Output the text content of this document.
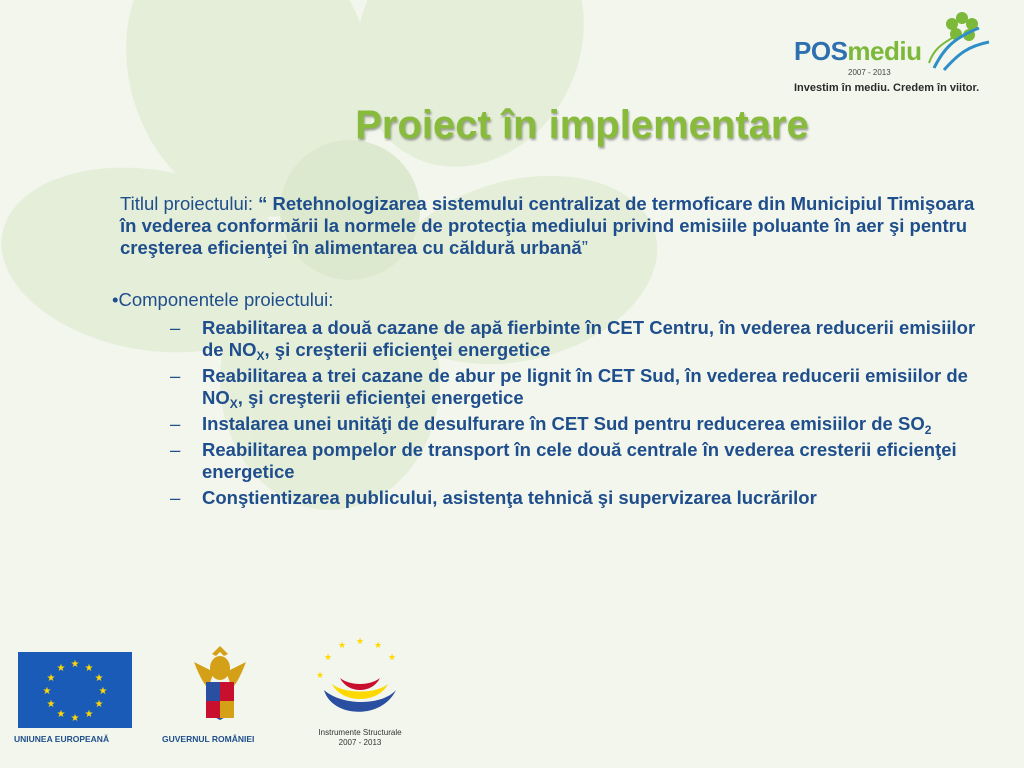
POSmediu
2007 - 2013
Investim în mediu. Credem în viitor.
Proiect în implementare

Titlul proiectului: “ Retehnologizarea sistemului centralizat de termoficare din Municipiul Timişoara în vederea conformării la normele de protecţia mediului privind emisiile poluante în aer şi pentru creşterea eficienţei în alimentarea cu căldură urbană”

•Componentele proiectului:
– Reabilitarea a două cazane de apă fierbinte în CET Centru, în vederea reducerii emisiilor de $NO_X$, şi creşterii eficienţei energetice
– Reabilitarea a trei cazane de abur pe lignit în CET Sud, în vederea reducerii emisiilor de $NO_X$, şi creşterii eficienţei energetice
– Instalarea unei unităţi de desulfurare în CET Sud pentru reducerea emisiilor de $SO_2$
– Reabilitarea pompelor de transport în cele două centrale în vederea cresterii eficienţei energetice
– Conştientizarea publicului, asistenţa tehnică şi supervizarea lucrărilor
★ ★
★
★
★
★
★
★
★
★
★
★
UNIUNEA EUROPEANĂ	GUVERNUL ROMÂNIEI
★ ★
★
★
★
★
Instrumente Structurale
2007 - 2013
